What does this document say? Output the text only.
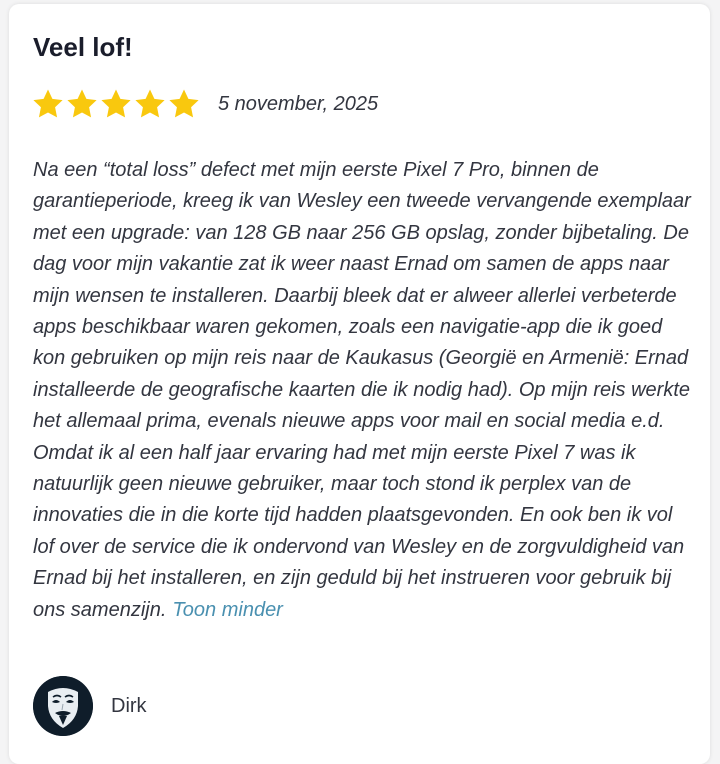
Veel lof!
5 november, 2025

Na een “total loss” defect met mijn eerste Pixel 7 Pro, binnen de garantieperiode, kreeg ik van Wesley een tweede vervangende exemplaar met een upgrade: van 128 GB naar 256 GB opslag, zonder bijbetaling. De dag voor mijn vakantie zat ik weer naast Ernad om samen de apps naar mijn wensen te installeren. Daarbij bleek dat er alweer allerlei verbeterde apps beschikbaar waren gekomen, zoals een navigatie-app die ik goed kon gebruiken op mijn reis naar de Kaukasus (Georgië en Armenië: Ernad installeerde de geografische kaarten die ik nodig had). Op mijn reis werkte het allemaal prima, evenals nieuwe apps voor mail en social media e.d. Omdat ik al een half jaar ervaring had met mijn eerste Pixel 7 was ik natuurlijk geen nieuwe gebruiker, maar toch stond ik perplex van de innovaties die in die korte tijd hadden plaatsgevonden. En ook ben ik vol lof over de service die ik ondervond van Wesley en de zorgvuldigheid van Ernad bij het installeren, en zijn geduld bij het instrueren voor gebruik bij ons samenzijn. Toon minder

Dirk
